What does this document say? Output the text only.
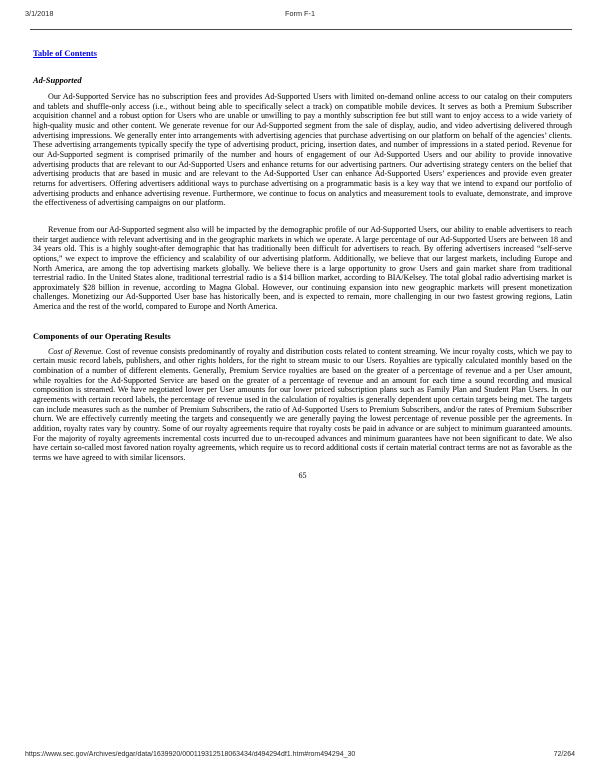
3/1/2018	Form F-1
Table of Contents
Ad-Supported

Our Ad-Supported Service has no subscription fees and provides Ad-Supported Users with limited on-demand online access to our catalog on their computers and tablets and shuffle-only access (i.e., without being able to specifically select a track) on compatible mobile devices. It serves as both a Premium Subscriber acquisition channel and a robust option for Users who are unable or unwilling to pay a monthly subscription fee but still want to enjoy access to a wide variety of high-quality music and other content. We generate revenue for our Ad-Supported segment from the sale of display, audio, and video advertising delivered through advertising impressions. We generally enter into arrangements with advertising agencies that purchase advertising on our platform on behalf of the agencies’ clients. These advertising arrangements typically specify the type of advertising product, pricing, insertion dates, and number of impressions in a stated period. Revenue for our Ad-Supported segment is comprised primarily of the number and hours of engagement of our Ad-Supported Users and our ability to provide innovative advertising products that are relevant to our Ad-Supported Users and enhance returns for our advertising partners. Our advertising strategy centers on the belief that advertising products that are based in music and are relevant to the Ad-Supported User can enhance Ad-Supported Users’ experiences and provide even greater returns for advertisers. Offering advertisers additional ways to purchase advertising on a programmatic basis is a key way that we intend to expand our portfolio of advertising products and enhance advertising revenue. Furthermore, we continue to focus on analytics and measurement tools to evaluate, demonstrate, and improve the effectiveness of advertising campaigns on our platform.

Revenue from our Ad-Supported segment also will be impacted by the demographic profile of our Ad-Supported Users, our ability to enable advertisers to reach their target audience with relevant advertising and in the geographic markets in which we operate. A large percentage of our Ad-Supported Users are between 18 and 34 years old. This is a highly sought-after demographic that has traditionally been difficult for advertisers to reach. By offering advertisers increased “self-serve options,” we expect to improve the efficiency and scalability of our advertising platform. Additionally, we believe that our largest markets, including Europe and North America, are among the top advertising markets globally. We believe there is a large opportunity to grow Users and gain market share from traditional terrestrial radio. In the United States alone, traditional terrestrial radio is a $14 billion market, according to BIA/Kelsey. The total global radio advertising market is approximately $28 billion in revenue, according to Magna Global. However, our continuing expansion into new geographic markets will present monetization challenges. Monetizing our Ad-Supported User base has historically been, and is expected to remain, more challenging in our two fastest growing regions, Latin America and the rest of the world, compared to Europe and North America.

Components of our Operating Results

Cost of Revenue. Cost of revenue consists predominantly of royalty and distribution costs related to content streaming. We incur royalty costs, which we pay to certain music record labels, publishers, and other rights holders, for the right to stream music to our Users. Royalties are typically calculated monthly based on the combination of a number of different elements. Generally, Premium Service royalties are based on the greater of a percentage of revenue and a per User amount, while royalties for the Ad-Supported Service are based on the greater of a percentage of revenue and an amount for each time a sound recording and musical composition is streamed. We have negotiated lower per User amounts for our lower priced subscription plans such as Family Plan and Student Plan Users. In our agreements with certain record labels, the percentage of revenue used in the calculation of royalties is generally dependent upon certain targets being met. The targets can include measures such as the number of Premium Subscribers, the ratio of Ad-Supported Users to Premium Subscribers, and/or the rates of Premium Subscriber churn. We are effectively currently meeting the targets and consequently we are generally paying the lowest percentage of revenue possible per the agreements. In addition, royalty rates vary by country. Some of our royalty agreements require that royalty costs be paid in advance or are subject to minimum guaranteed amounts. For the majority of royalty agreements incremental costs incurred due to un-recouped advances and minimum guarantees have not been significant to date. We also have certain so-called most favored nation royalty agreements, which require us to record additional costs if certain material contract terms are not as favorable as the terms we have agreed to with similar licensors.

65
https://www.sec.gov/Archives/edgar/data/1639920/000119312518063434/d494294df1.htm#rom494294_30	72/264
